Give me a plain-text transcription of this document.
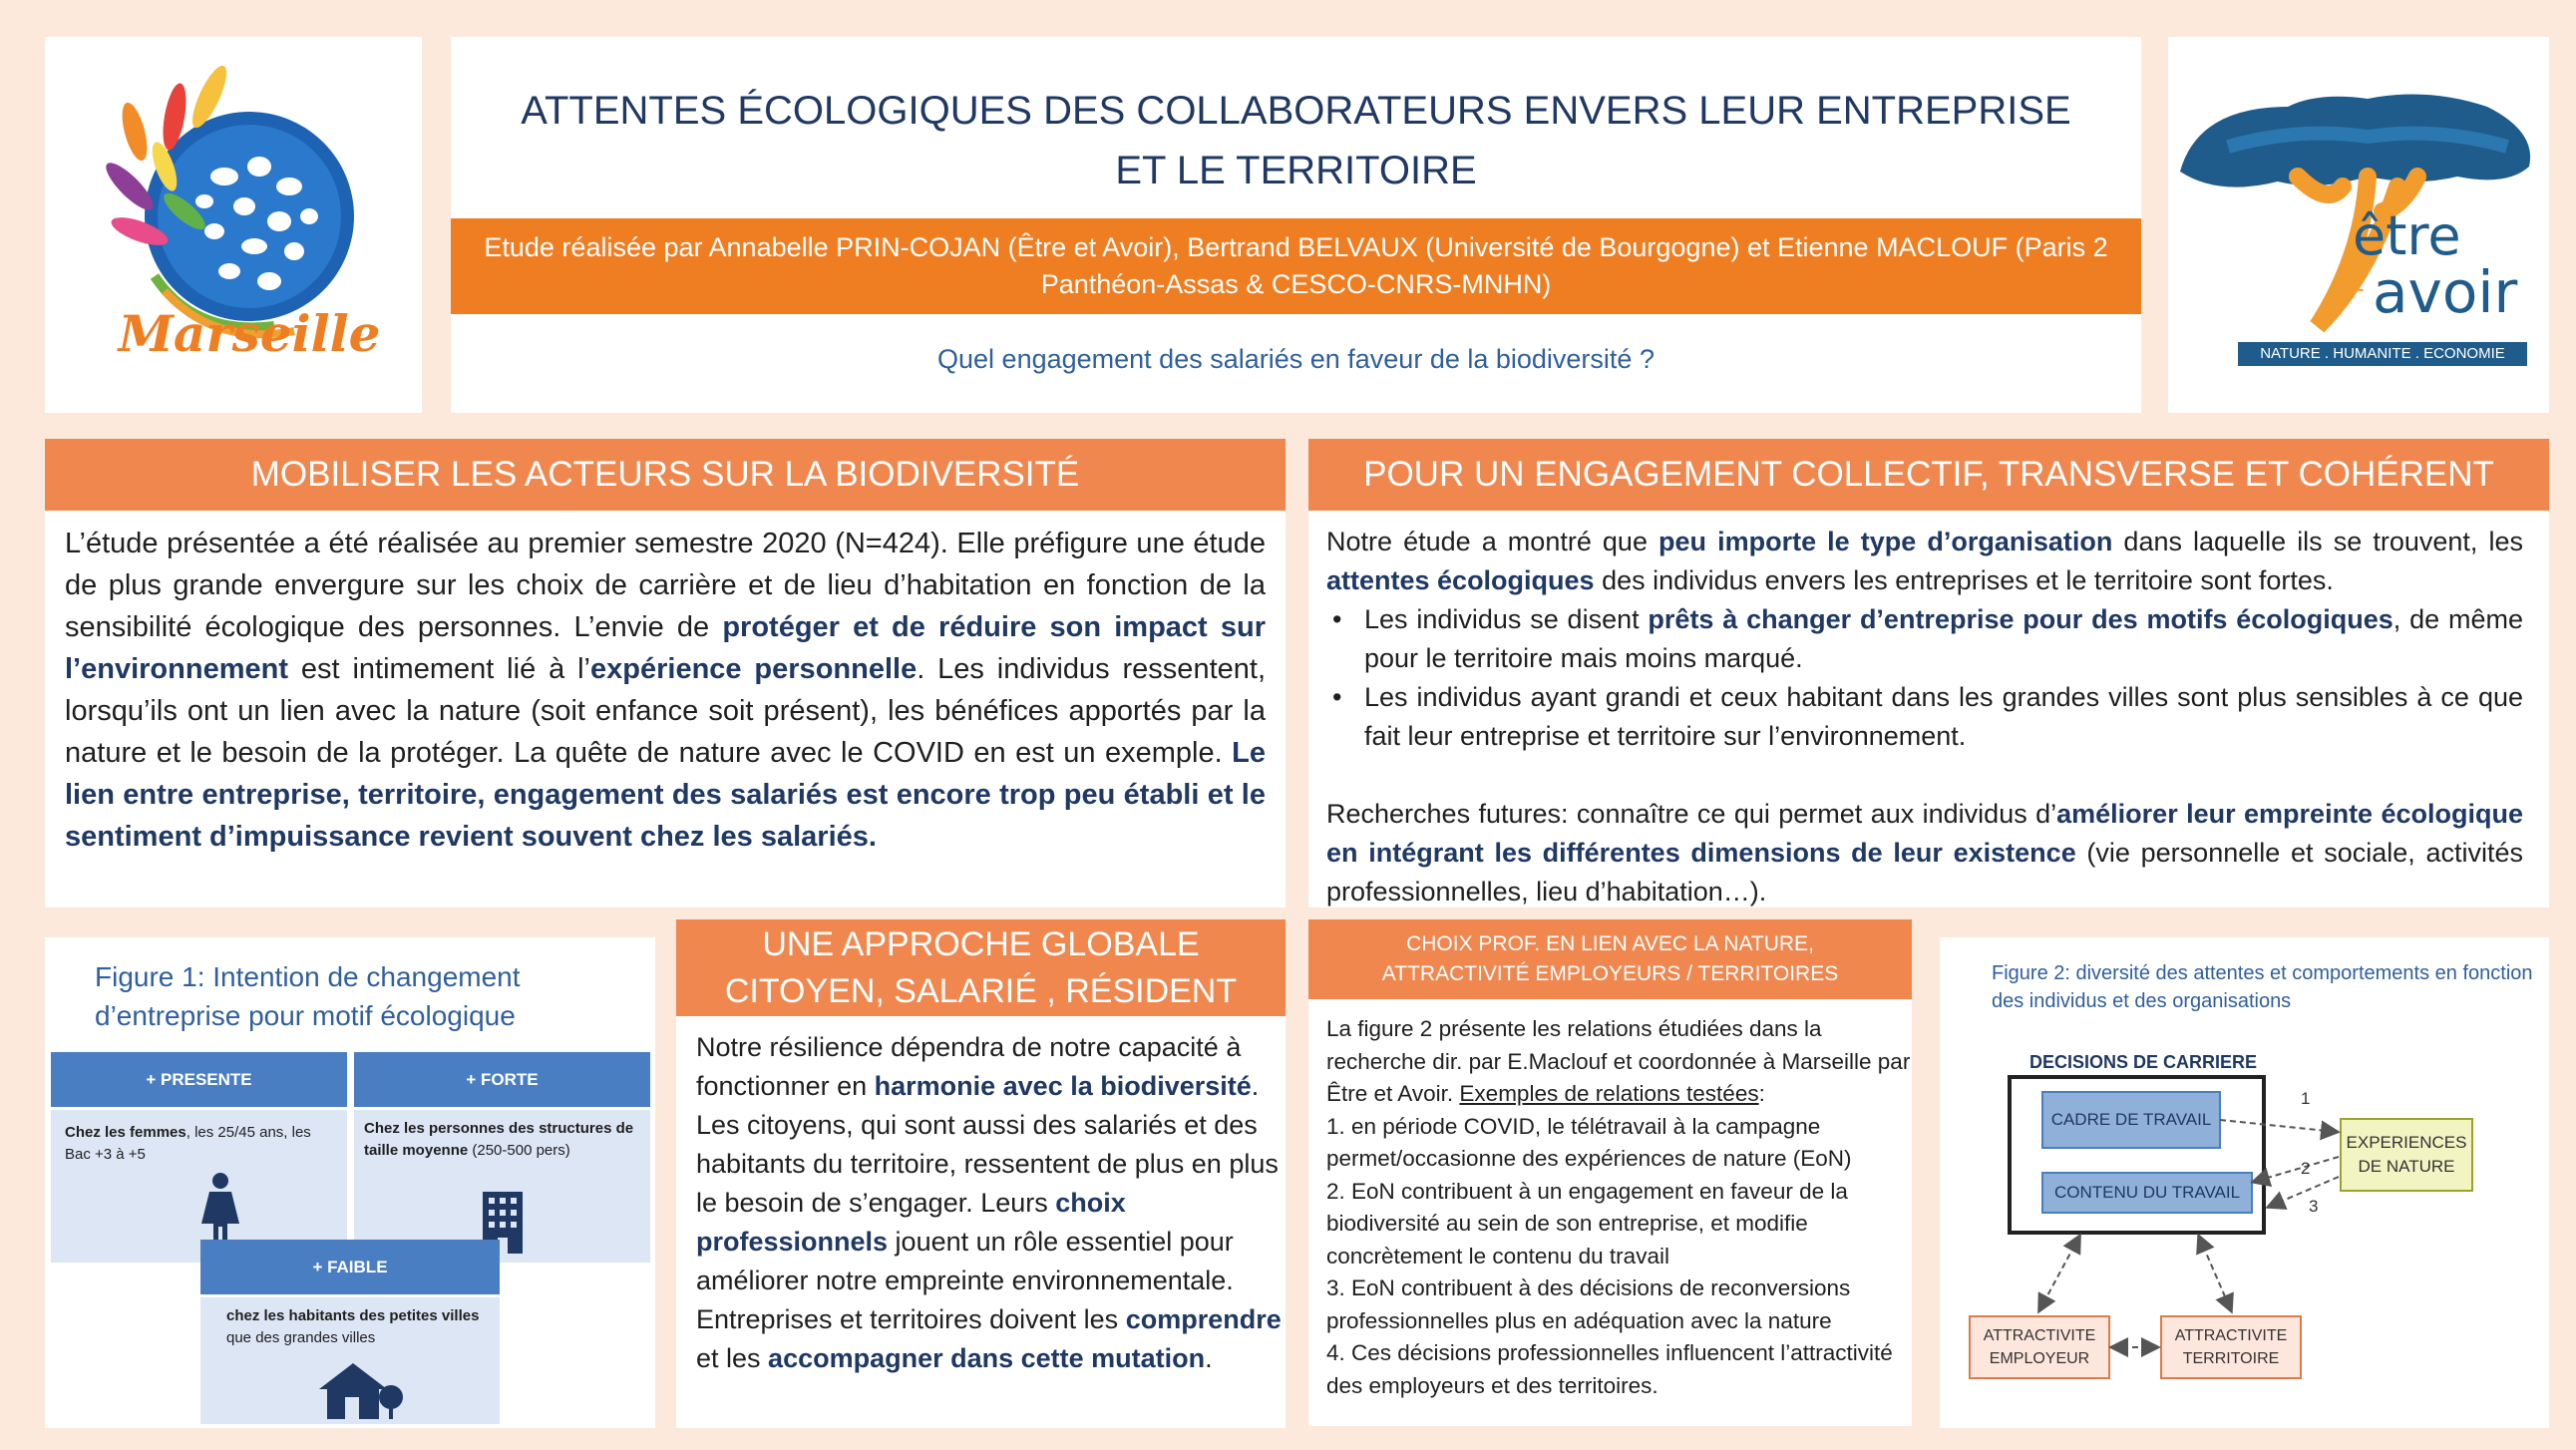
Marseille
ATTENTES ÉCOLOGIQUES DES COLLABORATEURS ENVERS LEUR ENTREPRISE ET LE TERRITOIRE
Etude réalisée par Annabelle PRIN-COJAN (Être et Avoir), Bertrand BELVAUX (Université de Bourgogne) et Etienne MACLOUF (Paris 2 Panthéon-Assas & CESCO-CNRS-MNHN)
Quel engagement des salariés en faveur de la biodiversité ?
être
et avoir
NATURE . HUMANITE . ECONOMIE
MOBILISER LES ACTEURS SUR LA BIODIVERSITÉ
L’étude présentée a été réalisée au premier semestre 2020 (N=424). Elle préfigure une étude de plus grande envergure sur les choix de carrière et de lieu d’habitation en fonction de la sensibilité écologique des personnes. L’envie de protéger et de réduire son impact sur l’environnement est intimement lié à l’expérience personnelle. Les individus ressentent, lorsqu’ils ont un lien avec la nature (soit enfance soit présent), les bénéfices apportés par la nature et le besoin de la protéger. La quête de nature avec le COVID en est un exemple. Le lien entre entreprise, territoire, engagement des salariés est encore trop peu établi et le sentiment d’impuissance revient souvent chez les salariés.
POUR UN ENGAGEMENT COLLECTIF, TRANSVERSE ET COHÉRENT
Notre étude a montré que peu importe le type d’organisation dans laquelle ils se trouvent, les attentes écologiques des individus envers les entreprises et le territoire sont fortes.
• Les individus se disent prêts à changer d’entreprise pour des motifs écologiques, de même pour le territoire mais moins marqué.
• Les individus ayant grandi et ceux habitant dans les grandes villes sont plus sensibles à ce que fait leur entreprise et territoire sur l’environnement.
Recherches futures: connaître ce qui permet aux individus d’améliorer leur empreinte écologique en intégrant les différentes dimensions de leur existence (vie personnelle et sociale, activités professionnelles, lieu d’habitation…).
Figure 1: Intention de changement d’entreprise pour motif écologique
+ PRESENTE
Chez les femmes, les 25/45 ans, les Bac +3 à +5
+ FORTE
Chez les personnes des structures de taille moyenne (250-500 pers)
+ FAIBLE
chez les habitants des petites villes
que des grandes villes
UNE APPROCHE GLOBALE
CITOYEN, SALARIÉ , RÉSIDENT
Notre résilience dépendra de notre capacité à fonctionner en harmonie avec la biodiversité. Les citoyens, qui sont aussi des salariés et des habitants du territoire, ressentent de plus en plus le besoin de s’engager. Leurs choix professionnels jouent un rôle essentiel pour améliorer notre empreinte environnementale. Entreprises et territoires doivent les comprendre et les accompagner dans cette mutation.
CHOIX PROF. EN LIEN AVEC LA NATURE,
ATTRACTIVITÉ EMPLOYEURS / TERRITOIRES
La figure 2 présente les relations étudiées dans la recherche dir. par E.Maclouf et coordonnée à Marseille par Être et Avoir. Exemples de relations testées:
1. en période COVID, le télétravail à la campagne permet/occasionne des expériences de nature (EoN)
2. EoN contribuent à un engagement en faveur de la biodiversité au sein de son entreprise, et modifie concrètement le contenu du travail
3. EoN contribuent à des décisions de reconversions professionnelles plus en adéquation avec la nature
4. Ces décisions professionnelles influencent l’attractivité des employeurs et des territoires.
Figure 2: diversité des attentes et comportements en fonction des individus et des organisations
DECISIONS DE CARRIERE
CADRE DE TRAVAIL
CONTENU DU TRAVAIL
EXPERIENCES DE NATURE
ATTRACTIVITE EMPLOYEUR
ATTRACTIVITE TERRITOIRE
1
2
3
